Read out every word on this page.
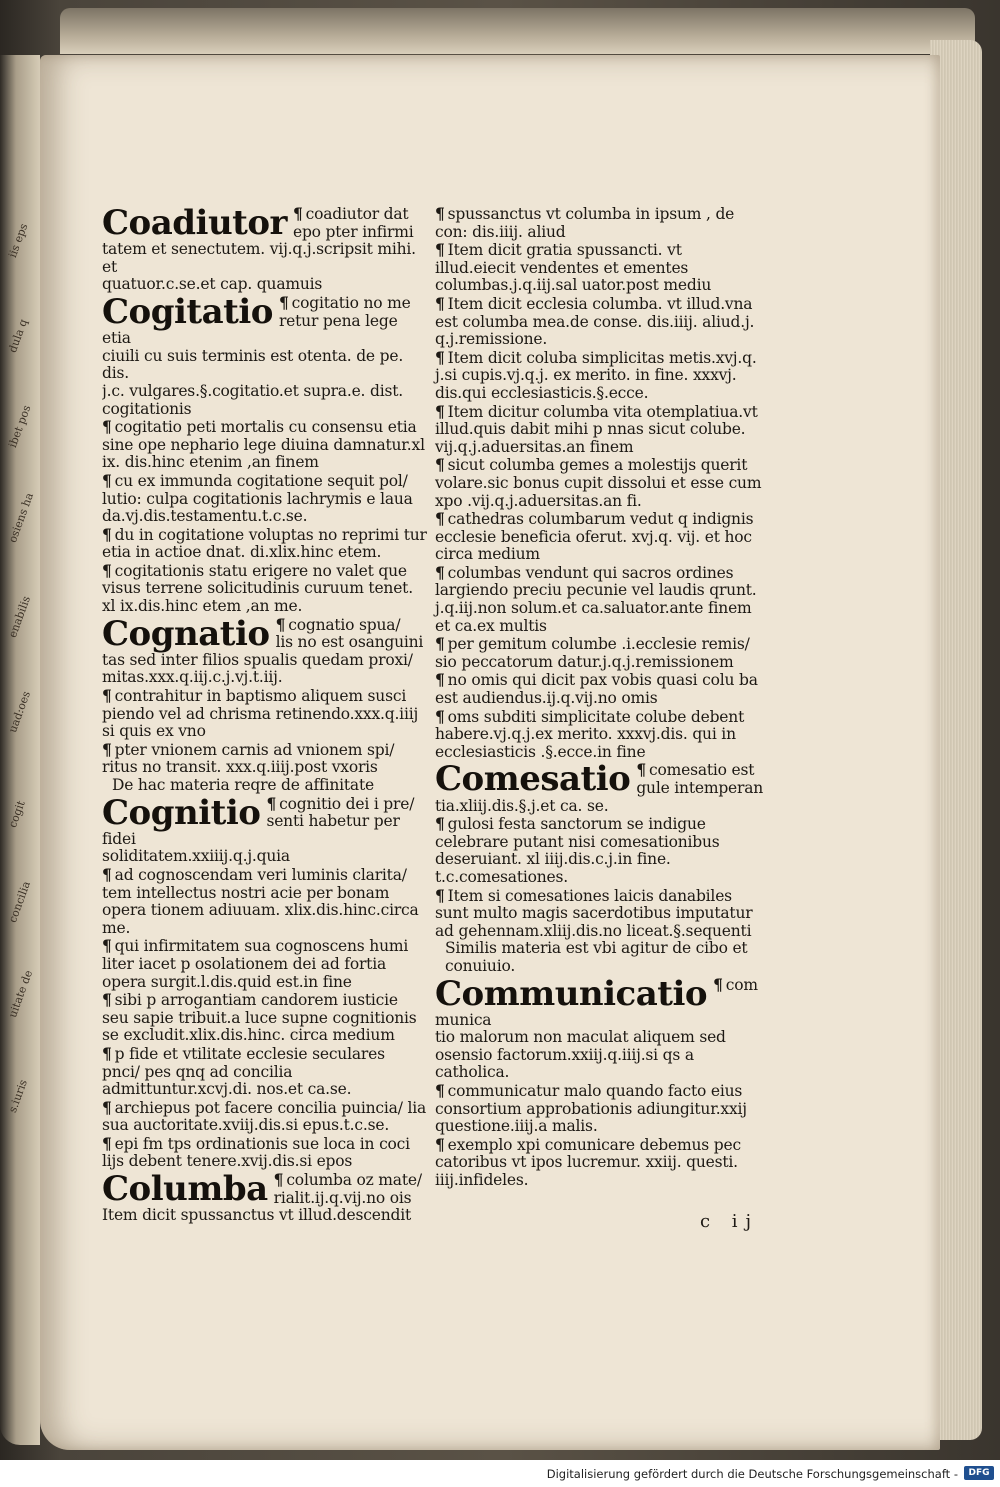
iis eps
dula q
ibet pos
osiens ha
enabilis
uad:oes
cogit
concilia
uitate de
s.iuris
Coadiutor ¶ coadiutor dat
epo pter infirmi
tatem et senectutem. vij.q.j.scripsit mihi. et
quatuor.c.se.et cap. quamuis
Cogitatio ¶ cogitatio no me
retur pena lege etia
ciuili cu suis terminis est otenta. de pe. dis.
j.c. vulgares.§.cogitatio.et supra.e. dist.
cogitationis
¶ cogitatio peti mortalis cu consensu etia sine ope nephario lege diuina damnatur.xl ix. dis.hinc etenim ,an finem
¶ cu ex immunda cogitatione sequit pol/ lutio: culpa cogitationis lachrymis e laua da.vj.dis.testamentu.t.c.se.
¶ du in cogitatione voluptas no reprimi tur etia in actioe dnat. di.xlix.hinc etem.
¶ cogitationis statu erigere no valet que visus terrene solicitudinis curuum tenet. xl ix.dis.hinc etem ,an me.
Cognatio ¶ cognatio spua/
lis no est osanguini
tas sed inter filios spualis quedam proxi/
mitas.xxx.q.iij.c.j.vj.t.iij.
¶ contrahitur in baptismo aliquem susci piendo vel ad chrisma retinendo.xxx.q.iiij si quis ex vno
¶ pter vnionem carnis ad vnionem spi/ ritus no transit. xxx.q.iiij.post vxoris
De hac materia reqre de affinitate
Cognitio ¶ cognitio dei i pre/
senti habetur per fidei
soliditatem.xxiiij.q.j.quia
¶ ad cognoscendam veri luminis clarita/ tem intellectus nostri acie per bonam opera tionem adiuuam. xlix.dis.hinc.circa me.
¶ qui infirmitatem sua cognoscens humi liter iacet p osolationem dei ad fortia opera surgit.l.dis.quid est.in fine
¶ sibi p arrogantiam candorem iusticie seu sapie tribuit.a luce supne cognitionis se excludit.xlix.dis.hinc. circa medium
¶ p fide et vtilitate ecclesie seculares pnci/ pes qnq ad concilia admittuntur.xcvj.di. nos.et ca.se.
¶ archiepus pot facere concilia puincia/ lia sua auctoritate.xviij.dis.si epus.t.c.se.
¶ epi fm tps ordinationis sue loca in coci lijs debent tenere.xvij.dis.si epos
Columba ¶ columba oz mate/
rialit.ij.q.vij.no ois
Item dicit spussanctus vt illud.descendit
¶ spussanctus vt columba in ipsum , de con: dis.iiij. aliud
¶ Item dicit gratia spussancti. vt illud.eiecit vendentes et ementes columbas.j.q.iij.sal uator.post mediu
¶ Item dicit ecclesia columba. vt illud.vna est columba mea.de conse. dis.iiij. aliud.j. q.j.remissione.
¶ Item dicit coluba simplicitas metis.xvj.q. j.si cupis.vj.q.j. ex merito. in fine. xxxvj. dis.qui ecclesiasticis.§.ecce.
¶ Item dicitur columba vita otemplatiua.vt illud.quis dabit mihi p nnas sicut colube. vij.q.j.aduersitas.an finem
¶ sicut columba gemes a molestijs querit volare.sic bonus cupit dissolui et esse cum xpo .vij.q.j.aduersitas.an fi.
¶ cathedras columbarum vedut q indignis ecclesie beneficia oferut. xvj.q. vij. et hoc circa medium
¶ columbas vendunt qui sacros ordines largiendo preciu pecunie vel laudis qrunt. j.q.iij.non solum.et ca.saluator.ante finem et ca.ex multis
¶ per gemitum columbe .i.ecclesie remis/ sio peccatorum datur.j.q.j.remissionem
¶ no omis qui dicit pax vobis quasi colu ba est audiendus.ij.q.vij.no omis
¶ oms subditi simplicitate colube debent habere.vj.q.j.ex merito. xxxvj.dis. qui in ecclesiasticis .§.ecce.in fine
Comesatio ¶ comesatio est
gule intemperan
tia.xliij.dis.§.j.et ca. se.
¶ gulosi festa sanctorum se indigue celebrare putant nisi comesationibus deseruiant. xl iiij.dis.c.j.in fine. t.c.comesationes.
¶ Item si comesationes laicis danabiles sunt multo magis sacerdotibus imputatur ad gehennam.xliij.dis.no liceat.§.sequenti
Similis materia est vbi agitur de cibo et conuiuio.
Communicatio ¶ com
munica
tio malorum non maculat aliquem sed osensio factorum.xxiij.q.iiij.si qs a catholica.
¶ communicatur malo quando facto eius consortium approbationis adiungitur.xxij questione.iiij.a malis.
¶ exemplo xpi comunicare debemus pec catoribus vt ipos lucremur. xxiij. questi. iiij.infideles.
c ij
Digitalisierung gefördert durch die Deutsche Forschungsgemeinschaft -	DFG
